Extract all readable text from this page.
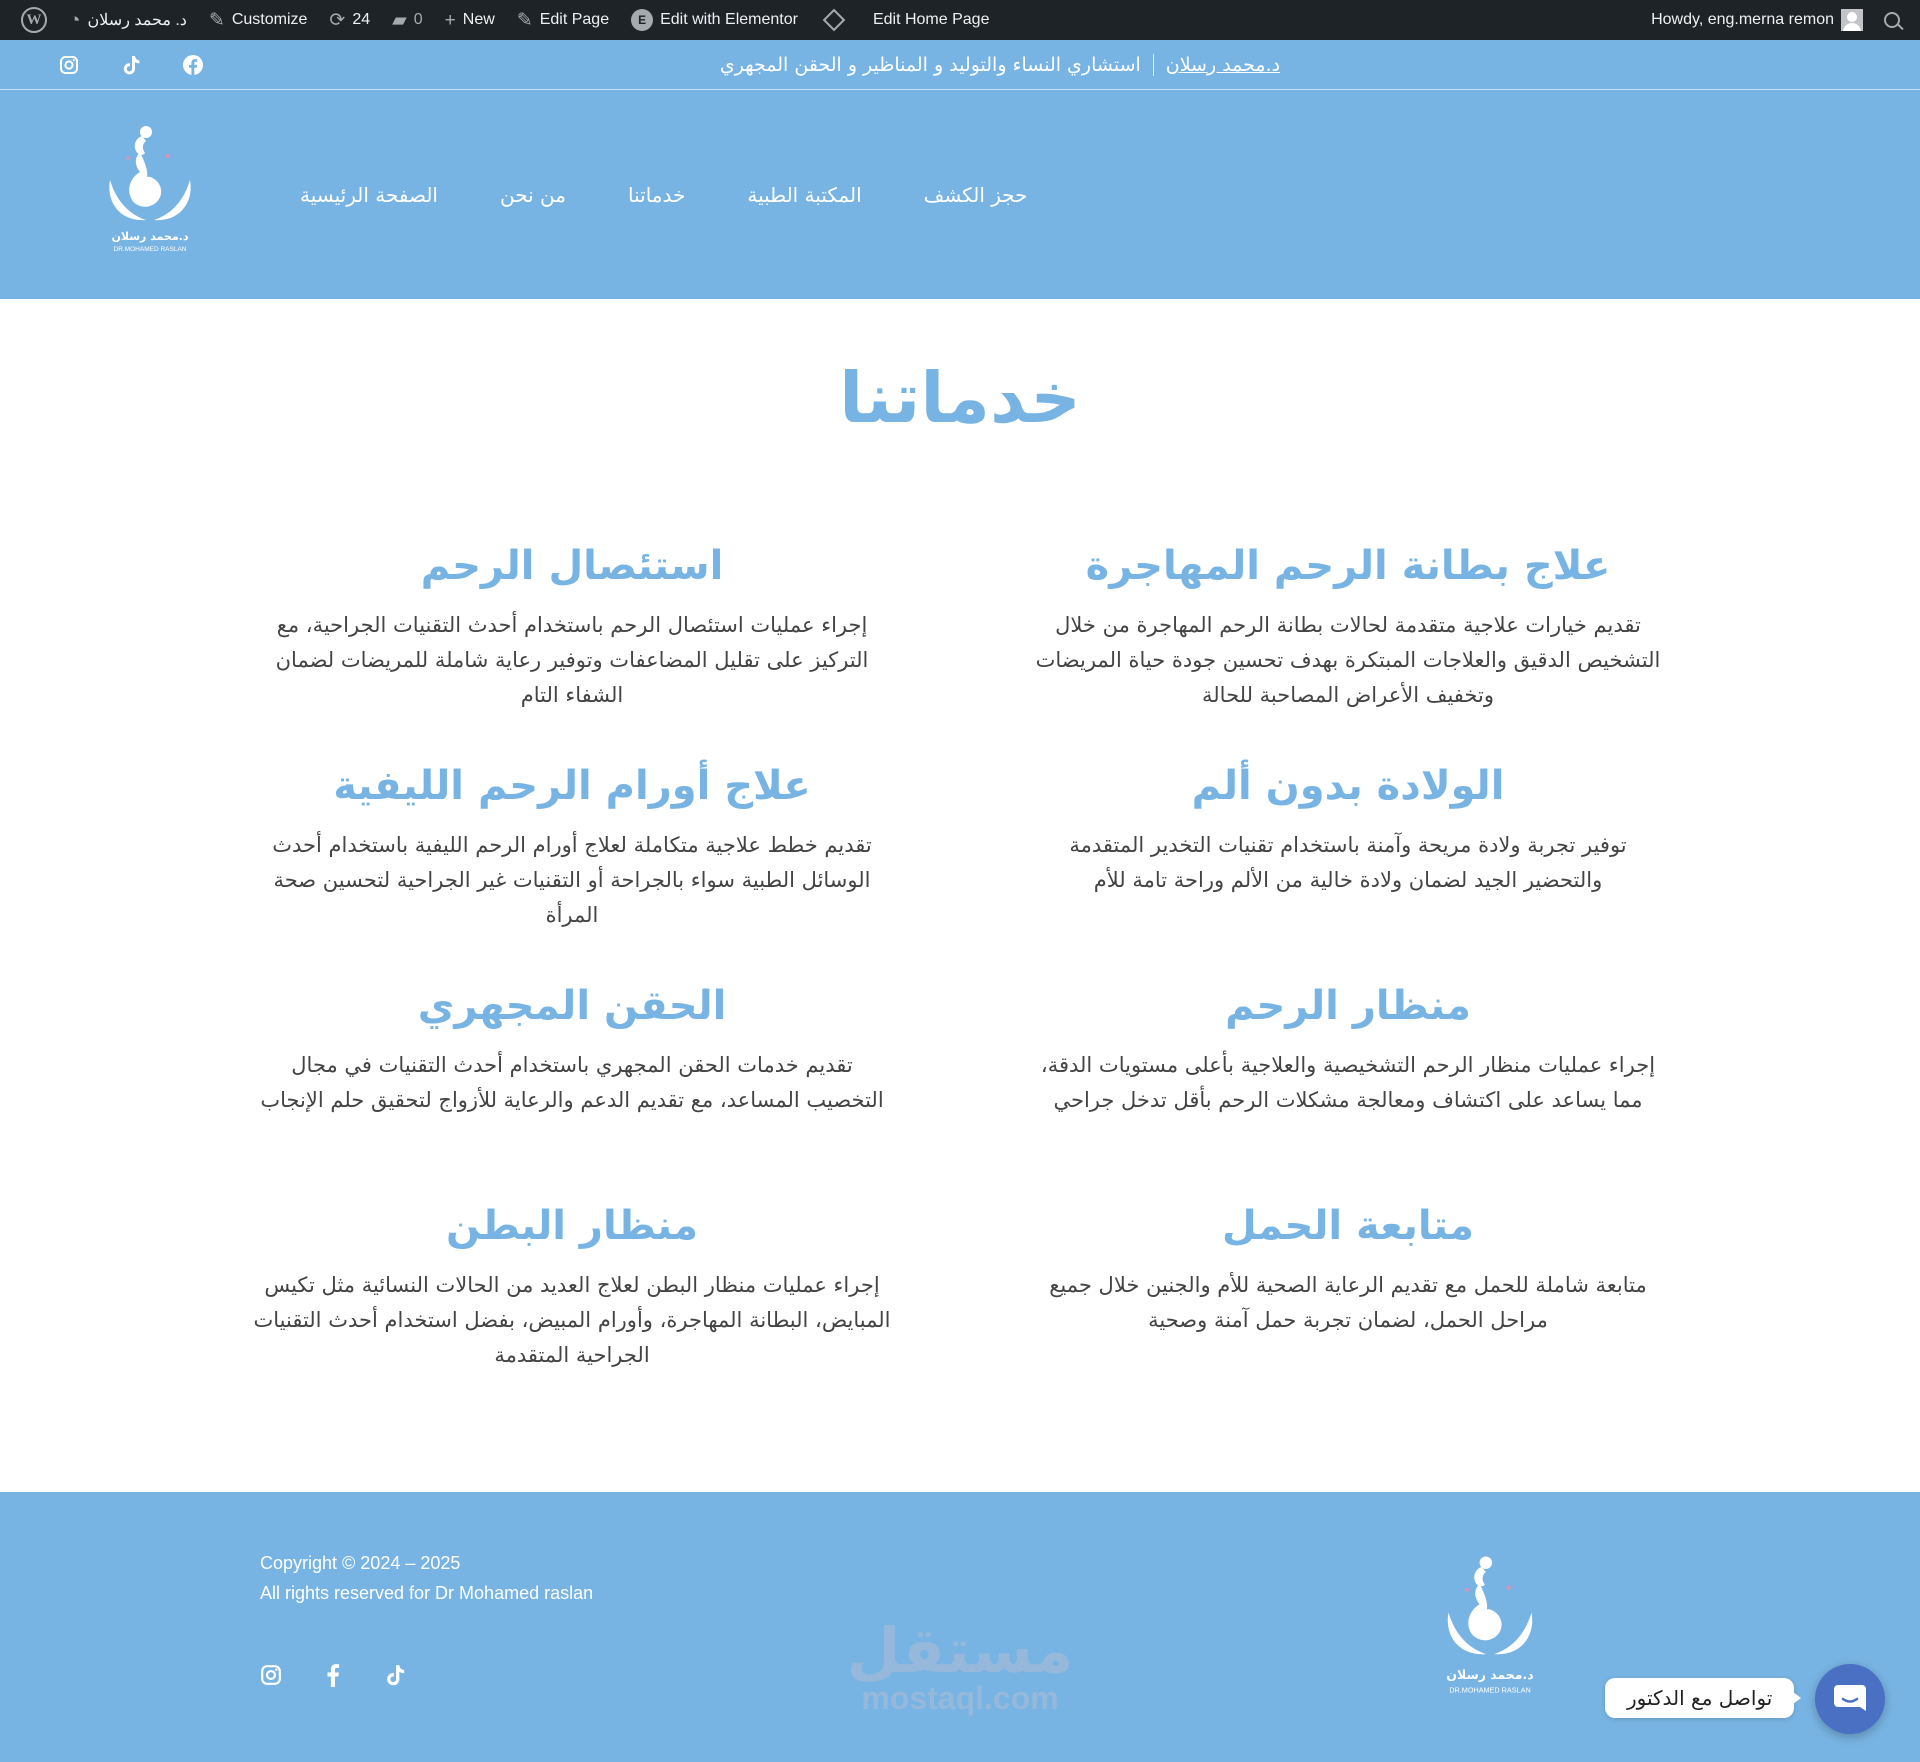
W ◔ د. محمد رسلان ✎ Customize ⟳ 24 ▰ 0 + New ✎ Edit Page	E Edit with Elementor	Edit Home Page	Howdy, eng.merna remon
د.محمد رسلان
استشاري النساء والتوليد و المناظير و الحقن المجهري
د.محمد رسلان
DR.MOHAMED RASLAN
حجز الكشف
المكتبة الطبية
خدماتنا
من نحن
الصفحة الرئيسية
خدماتنا
علاج بطانة الرحم المهاجرة

تقديم خيارات علاجية متقدمة لحالات بطانة الرحم المهاجرة من خلال التشخيص الدقيق والعلاجات المبتكرة بهدف تحسين جودة حياة المريضات وتخفيف الأعراض المصاحبة للحالة

استئصال الرحم

إجراء عمليات استئصال الرحم باستخدام أحدث التقنيات الجراحية، مع التركيز على تقليل المضاعفات وتوفير رعاية شاملة للمريضات لضمان الشفاء التام

الولادة بدون ألم

توفير تجربة ولادة مريحة وآمنة باستخدام تقنيات التخدير المتقدمة والتحضير الجيد لضمان ولادة خالية من الألم وراحة تامة للأم

علاج أورام الرحم الليفية

تقديم خطط علاجية متكاملة لعلاج أورام الرحم الليفية باستخدام أحدث الوسائل الطبية سواء بالجراحة أو التقنيات غير الجراحية لتحسين صحة المرأة

منظار الرحم

إجراء عمليات منظار الرحم التشخيصية والعلاجية بأعلى مستويات الدقة، مما يساعد على اكتشاف ومعالجة مشكلات الرحم بأقل تدخل جراحي

الحقن المجهري

تقديم خدمات الحقن المجهري باستخدام أحدث التقنيات في مجال التخصيب المساعد، مع تقديم الدعم والرعاية للأزواج لتحقيق حلم الإنجاب

متابعة الحمل

متابعة شاملة للحمل مع تقديم الرعاية الصحية للأم والجنين خلال جميع مراحل الحمل، لضمان تجربة حمل آمنة وصحية

منظار البطن

إجراء عمليات منظار البطن لعلاج العديد من الحالات النسائية مثل تكيس المبايض، البطانة المهاجرة، وأورام المبيض، بفضل استخدام أحدث التقنيات الجراحية المتقدمة

Copyright © 2024 – 2025
All rights reserved for Dr Mohamed raslan
مستقل
mostaql.com
د.محمد رسلان
DR.MOHAMED RASLAN	تواصل مع الدكتور
